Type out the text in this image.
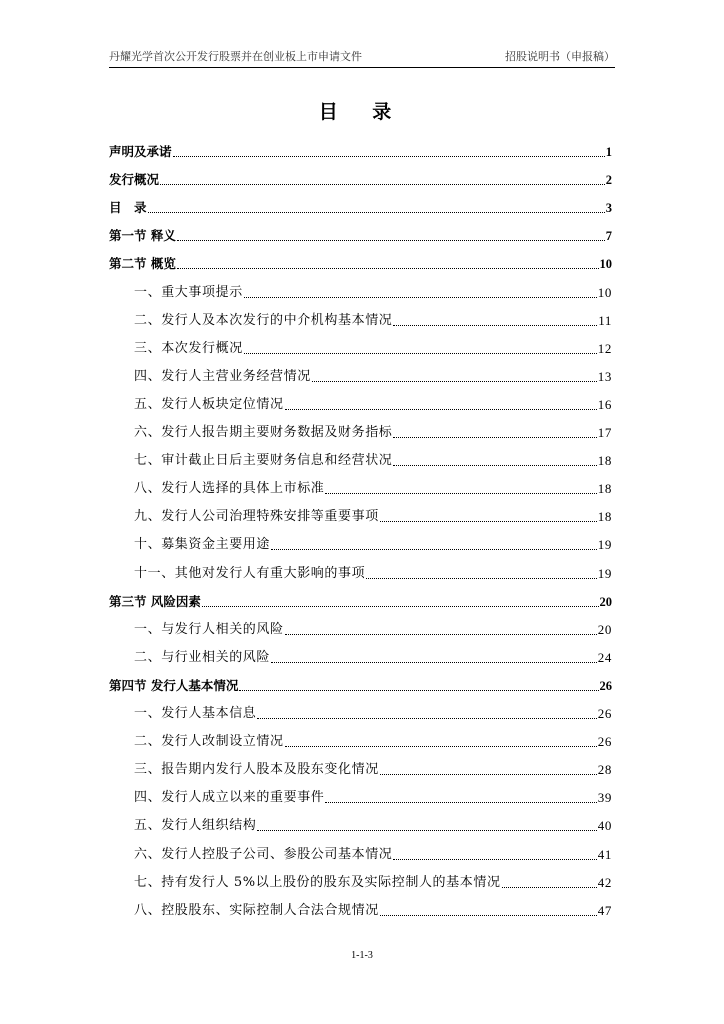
丹耀光学首次公开发行股票并在创业板上市申请文件	招股说明书（申报稿）
目 录
声明及承诺	1
发行概况	2
目　录	3
第一节 释义	7
第二节 概览	10
一、重大事项提示	10
二、发行人及本次发行的中介机构基本情况	11
三、本次发行概况	12
四、发行人主营业务经营情况	13
五、发行人板块定位情况	16
六、发行人报告期主要财务数据及财务指标	17
七、审计截止日后主要财务信息和经营状况	18
八、发行人选择的具体上市标准	18
九、发行人公司治理特殊安排等重要事项	18
十、募集资金主要用途	19
十一、其他对发行人有重大影响的事项	19
第三节 风险因素	20
一、与发行人相关的风险	20
二、与行业相关的风险	24
第四节 发行人基本情况	26
一、发行人基本信息	26
二、发行人改制设立情况	26
三、报告期内发行人股本及股东变化情况	28
四、发行人成立以来的重要事件	39
五、发行人组织结构	40
六、发行人控股子公司、参股公司基本情况	41
七、持有发行人 5%以上股份的股东及实际控制人的基本情况	42
八、控股股东、实际控制人合法合规情况	47
1-1-3
